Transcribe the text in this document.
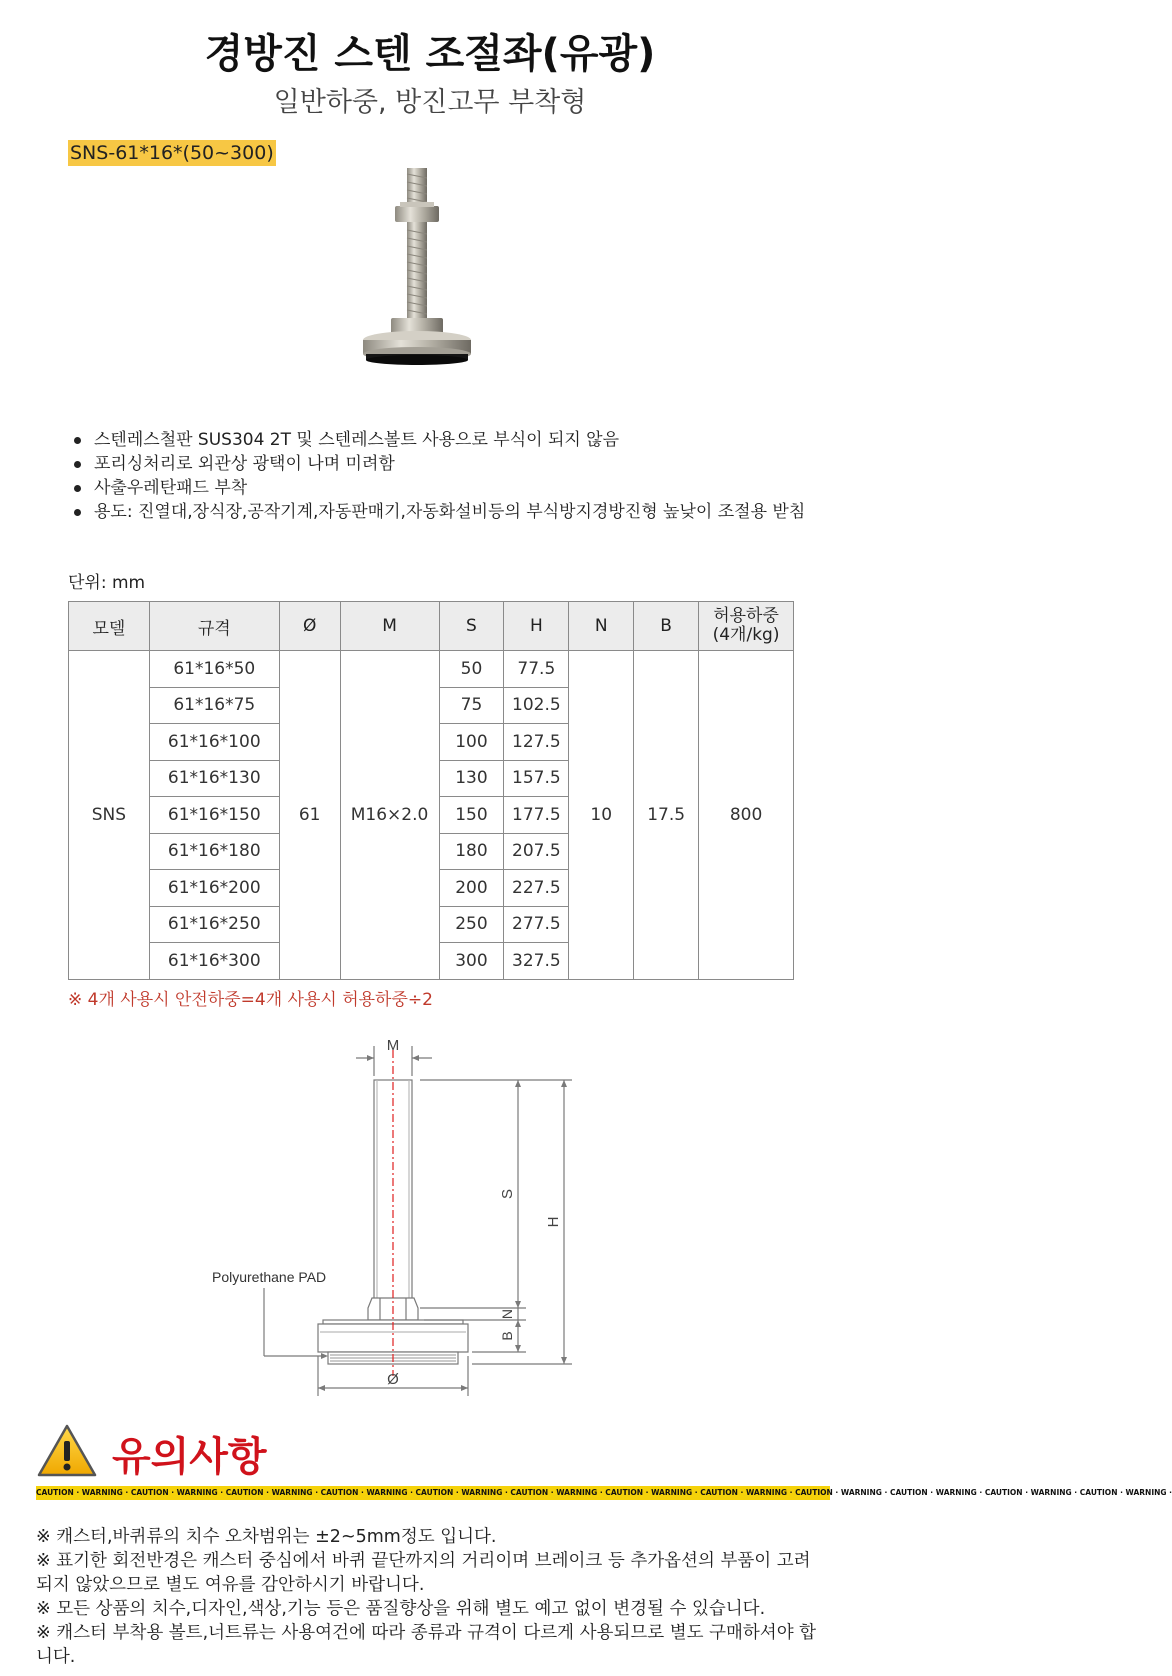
경방진 스텐 조절좌(유광)
일반하중, 방진고무 부착형
SNS-61*16*(50~300)
스텐레스철판 SUS304 2T 및 스텐레스볼트 사용으로 부식이 되지 않음
포리싱처리로 외관상 광택이 나며 미려함
사출우레탄패드 부착
용도: 진열대,장식장,공작기계,자동판매기,자동화설비등의 부식방지경방진형 높낮이 조절용 받침
단위: mm
모델	규격	Ø	M	S	H	N	B	허용하중
(4개/kg)
SNS	61*16*50	61	M16×2.0	50	77.5	10	17.5	800
	61*16*75			75	102.5			
	61*16*100			100	127.5			
	61*16*130			130	157.5			
	61*16*150			150	177.5			
	61*16*180			180	207.5			
	61*16*200			200	227.5			
	61*16*250			250	277.5			
	61*16*300			300	327.5			
※ 4개 사용시 안전하중=4개 사용시 허용하중÷2
M
S
N
B
H
Ø
Polyurethane PAD
유의사항
CAUTION · WARNING · CAUTION · WARNING · CAUTION · WARNING · CAUTION · WARNING · CAUTION · WARNING · CAUTION · WARNING · CAUTION · WARNING · CAUTION · WARNING · CAUTION · WARNING · CAUTION · WARNING · CAUTION · WARNING · CAUTION · WARNING ·
※ 캐스터,바퀴류의 치수 오차범위는 ±2~5mm정도 입니다.
※ 표기한 회전반경은 캐스터 중심에서 바퀴 끝단까지의 거리이며 브레이크 등 추가옵션의 부품이 고려되지 않았으므로 별도 여유를 감안하시기 바랍니다.
※ 모든 상품의 치수,디자인,색상,기능 등은 품질향상을 위해 별도 예고 없이 변경될 수 있습니다.
※ 캐스터 부착용 볼트,너트류는 사용여건에 따라 종류과 규격이 다르게 사용되므로 별도 구매하셔야 합니다.
